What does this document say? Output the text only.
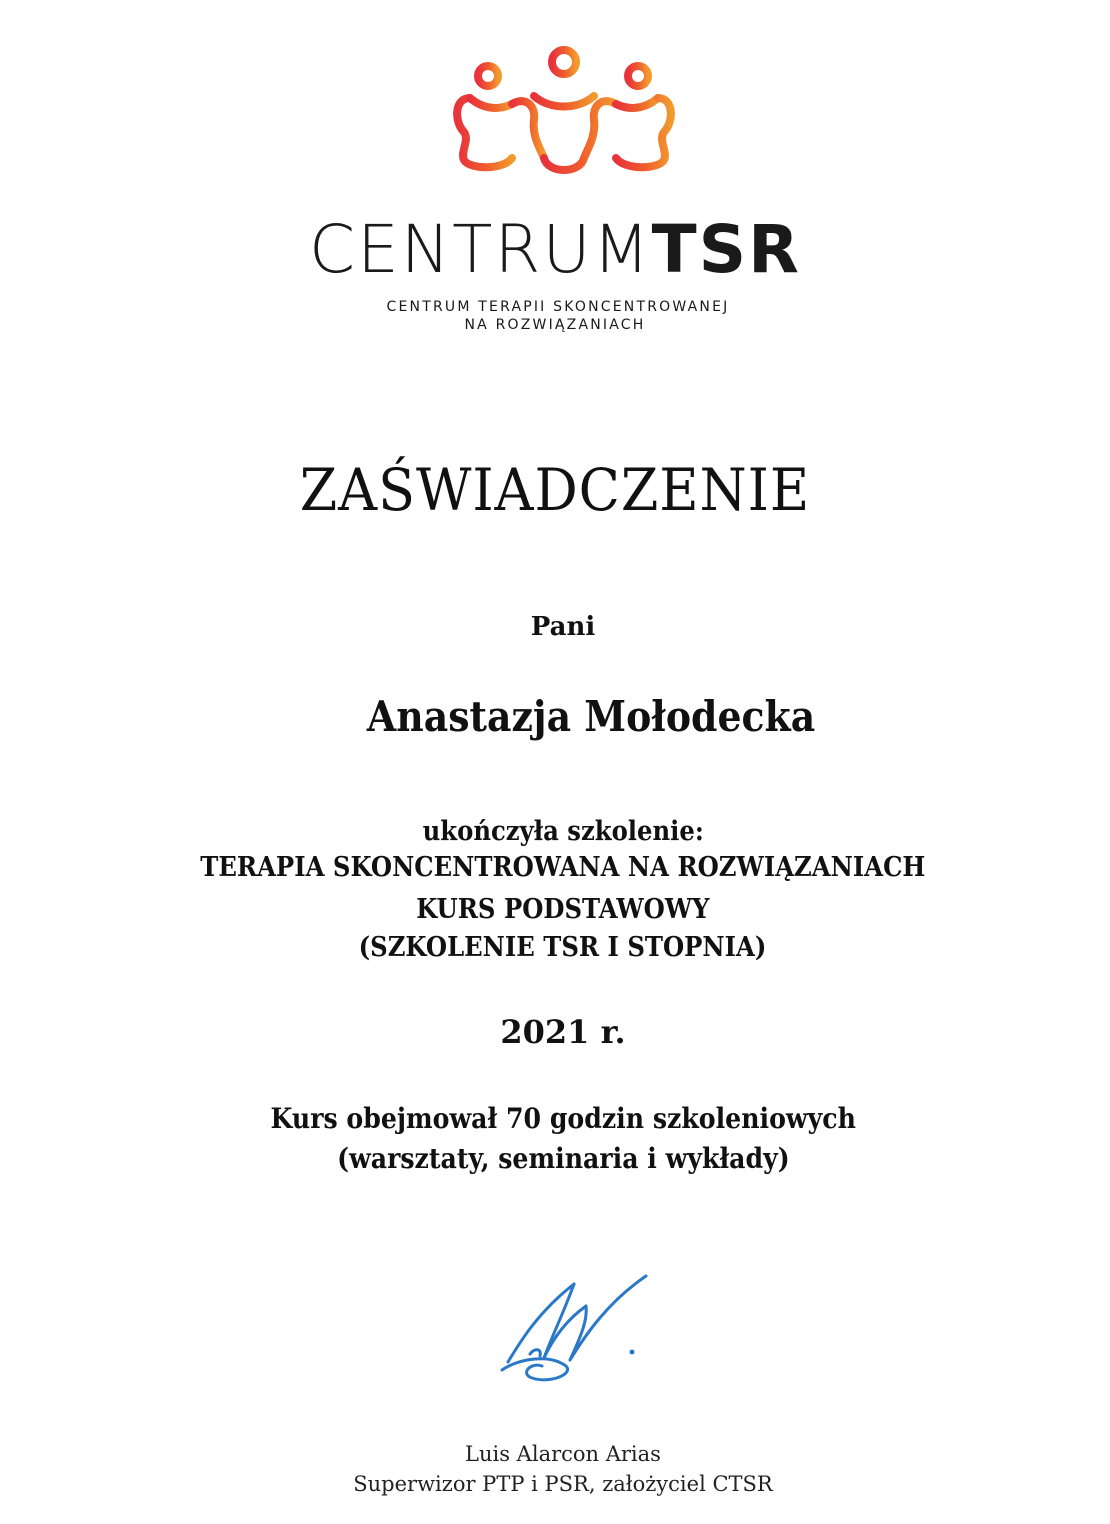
CENTRUMTSR
CENTRUM TERAPII SKONCENTROWANEJ
NA ROZWIĄZANIACH
ZAŚWIADCZENIE
Pani
Anastazja Mołodecka
ukończyła szkolenie:
TERAPIA SKONCENTROWANA NA ROZWIĄZANIACH
KURS PODSTAWOWY
(SZKOLENIE TSR I STOPNIA)
2021 r.
Kurs obejmował 70 godzin szkoleniowych
(warsztaty, seminaria i wykłady)
Luis Alarcon Arias
Superwizor PTP i PSR, założyciel CTSR
